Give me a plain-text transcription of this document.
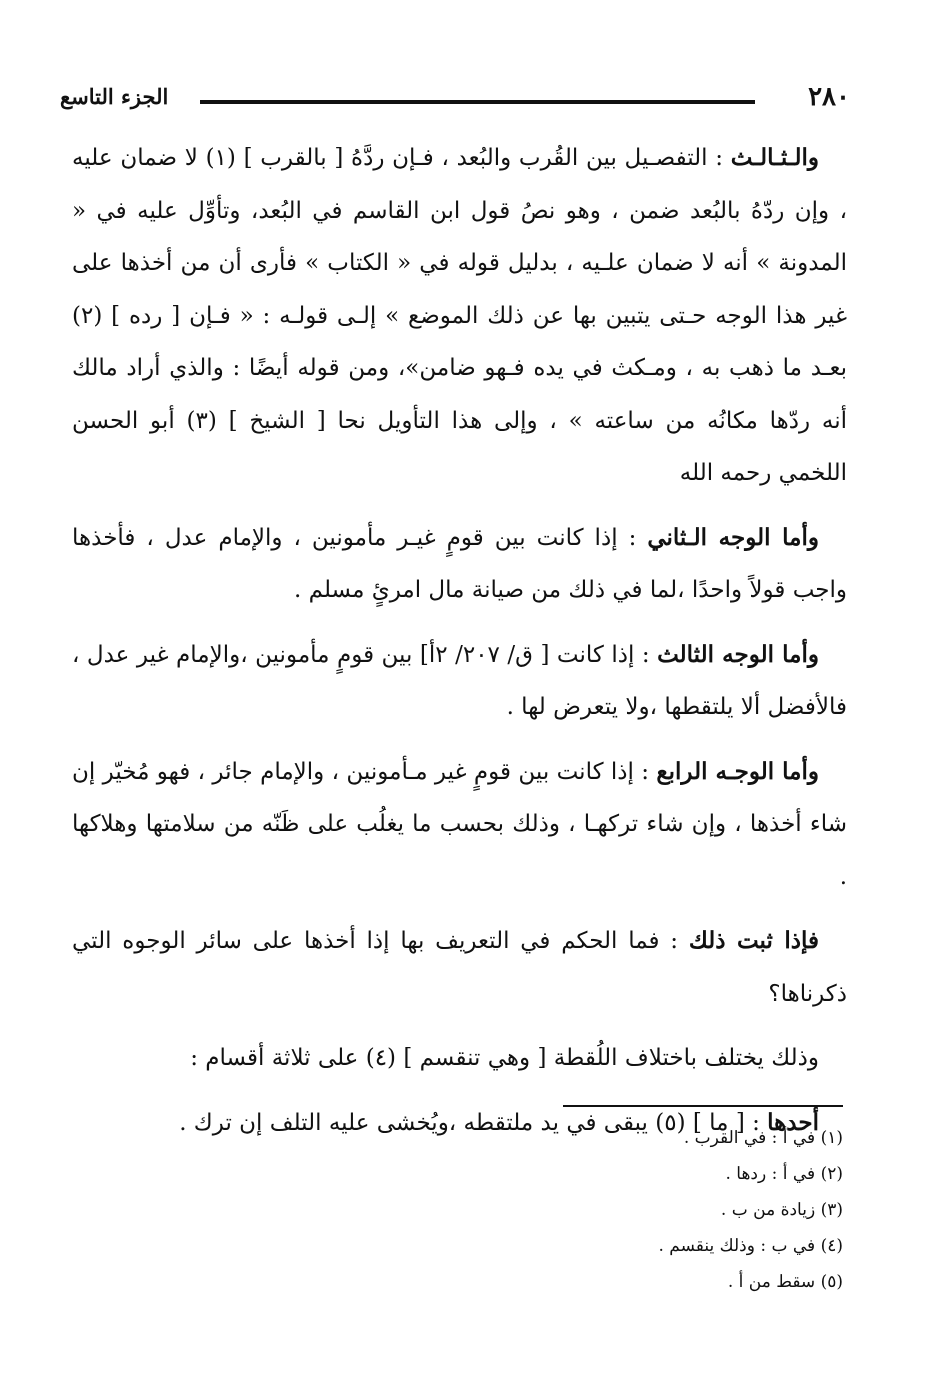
٢٨٠
الجزء التاسع

والـثـالـث : التفصـيل بين القُرب والبُعد ، فـإن ردَّهُ [ بالقرب ] (١) لا ضمان عليه ، وإن ردّهُ بالبُعد ضمن ، وهو نصُ قول ابن القاسم في البُعد، وتأوِّل عليه في « المدونة » أنه لا ضمان علـيه ، بدليل قوله في « الكتاب » فأرى أن من أخذها على غير هذا الوجه حـتى يتبين بها عن ذلك الموضع » إلـى قولـه : « فـإن [ رده ] (٢) بعـد ما ذهب به ، ومـكث في يده فـهو ضامن»، ومن قوله أيضًا : والذي أراد مالك أنه ردّها مكانُه من ساعته » ، وإلى هذا التأويل نحا [ الشيخ ] (٣) أبو الحسن اللخمي رحمه الله

وأما الوجه الـثاني : إذا كانت بين قومٍ غيـر مأمونين ، والإمام عدل ، فأخذها واجب قولاً واحدًا ،لما في ذلك من صيانة مال امرئٍ مسلم .

وأما الوجه الثالث : إذا كانت [ ق/ ٢٠٧/ ٢أ] بين قومٍ مأمونين ،والإمام غير عدل ، فالأفضل ألا يلتقطها ،ولا يتعرض لها .

وأما الوجـه الرابع : إذا كانت بين قومٍ غير مـأمونين ، والإمام جائر ، فهو مُخيّر إن شاء أخذها ، وإن شاء تركهـا ، وذلك بحسب ما يغلُب على ظَنّه من سلامتها وهلاكها .

فإذا ثبت ذلك : فما الحكم في التعريف بها إذا أخذها على سائر الوجوه التي ذكرناها؟

وذلك يختلف باختلاف اللُقطة [ وهي تنقسم ] (٤) على ثلاثة أقسام :

أحدها : [ ما ] (٥) يبقى في يد ملتقطه ،ويُخشى عليه التلف إن ترك .

(١) في أ : في القرب .
(٢) في أ : ردها .
(٣) زيادة من ب .
(٤) في ب : وذلك ينقسم .
(٥) سقط من أ .
